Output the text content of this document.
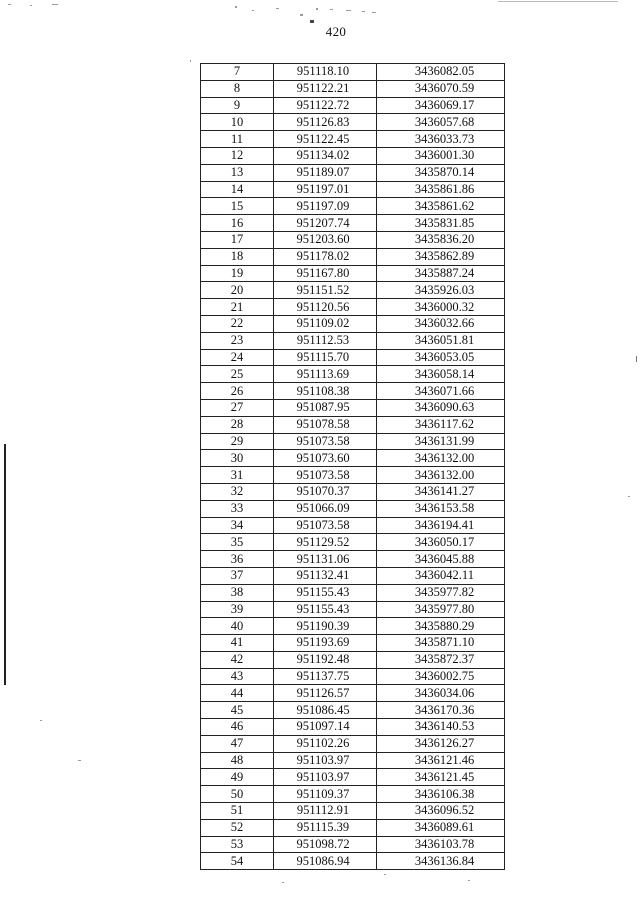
420
7	951118.10	3436082.05
8	951122.21	3436070.59
9	951122.72	3436069.17
10	951126.83	3436057.68
11	951122.45	3436033.73
12	951134.02	3436001.30
13	951189.07	3435870.14
14	951197.01	3435861.86
15	951197.09	3435861.62
16	951207.74	3435831.85
17	951203.60	3435836.20
18	951178.02	3435862.89
19	951167.80	3435887.24
20	951151.52	3435926.03
21	951120.56	3436000.32
22	951109.02	3436032.66
23	951112.53	3436051.81
24	951115.70	3436053.05
25	951113.69	3436058.14
26	951108.38	3436071.66
27	951087.95	3436090.63
28	951078.58	3436117.62
29	951073.58	3436131.99
30	951073.60	3436132.00
31	951073.58	3436132.00
32	951070.37	3436141.27
33	951066.09	3436153.58
34	951073.58	3436194.41
35	951129.52	3436050.17
36	951131.06	3436045.88
37	951132.41	3436042.11
38	951155.43	3435977.82
39	951155.43	3435977.80
40	951190.39	3435880.29
41	951193.69	3435871.10
42	951192.48	3435872.37
43	951137.75	3436002.75
44	951126.57	3436034.06
45	951086.45	3436170.36
46	951097.14	3436140.53
47	951102.26	3436126.27
48	951103.97	3436121.46
49	951103.97	3436121.45
50	951109.37	3436106.38
51	951112.91	3436096.52
52	951115.39	3436089.61
53	951098.72	3436103.78
54	951086.94	3436136.84
